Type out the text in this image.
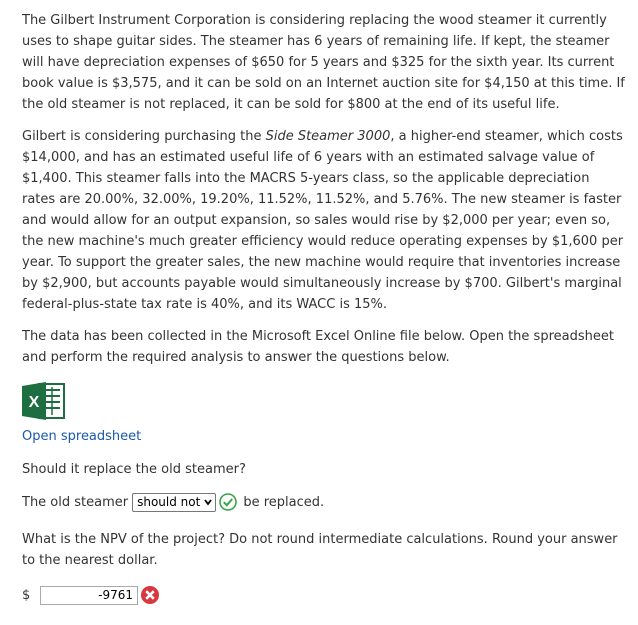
The Gilbert Instrument Corporation is considering replacing the wood steamer it currently uses to shape guitar sides. The steamer has 6 years of remaining life. If kept, the steamer will have depreciation expenses of $650 for 5 years and $325 for the sixth year. Its current book value is $3,575, and it can be sold on an Internet auction site for $4,150 at this time. If the old steamer is not replaced, it can be sold for $800 at the end of its useful life.

Gilbert is considering purchasing the Side Steamer 3000, a higher-end steamer, which costs $14,000, and has an estimated useful life of 6 years with an estimated salvage value of $1,400. This steamer falls into the MACRS 5-years class, so the applicable depreciation rates are 20.00%, 32.00%, 19.20%, 11.52%, 11.52%, and 5.76%. The new steamer is faster and would allow for an output expansion, so sales would rise by $2,000 per year; even so, the new machine's much greater efficiency would reduce operating expenses by $1,600 per year. To support the greater sales, the new machine would require that inventories increase by $2,900, but accounts payable would simultaneously increase by $700. Gilbert's marginal federal-plus-state tax rate is 40%, and its WACC is 15%.

The data has been collected in the Microsoft Excel Online file below. Open the spreadsheet and perform the required analysis to answer the questions below.

X
Open spreadsheet

Should it replace the old steamer?

The old steamer should not	be replaced.

What is the NPV of the project? Do not round intermediate calculations. Round your answer to the nearest dollar.

$	-9761
